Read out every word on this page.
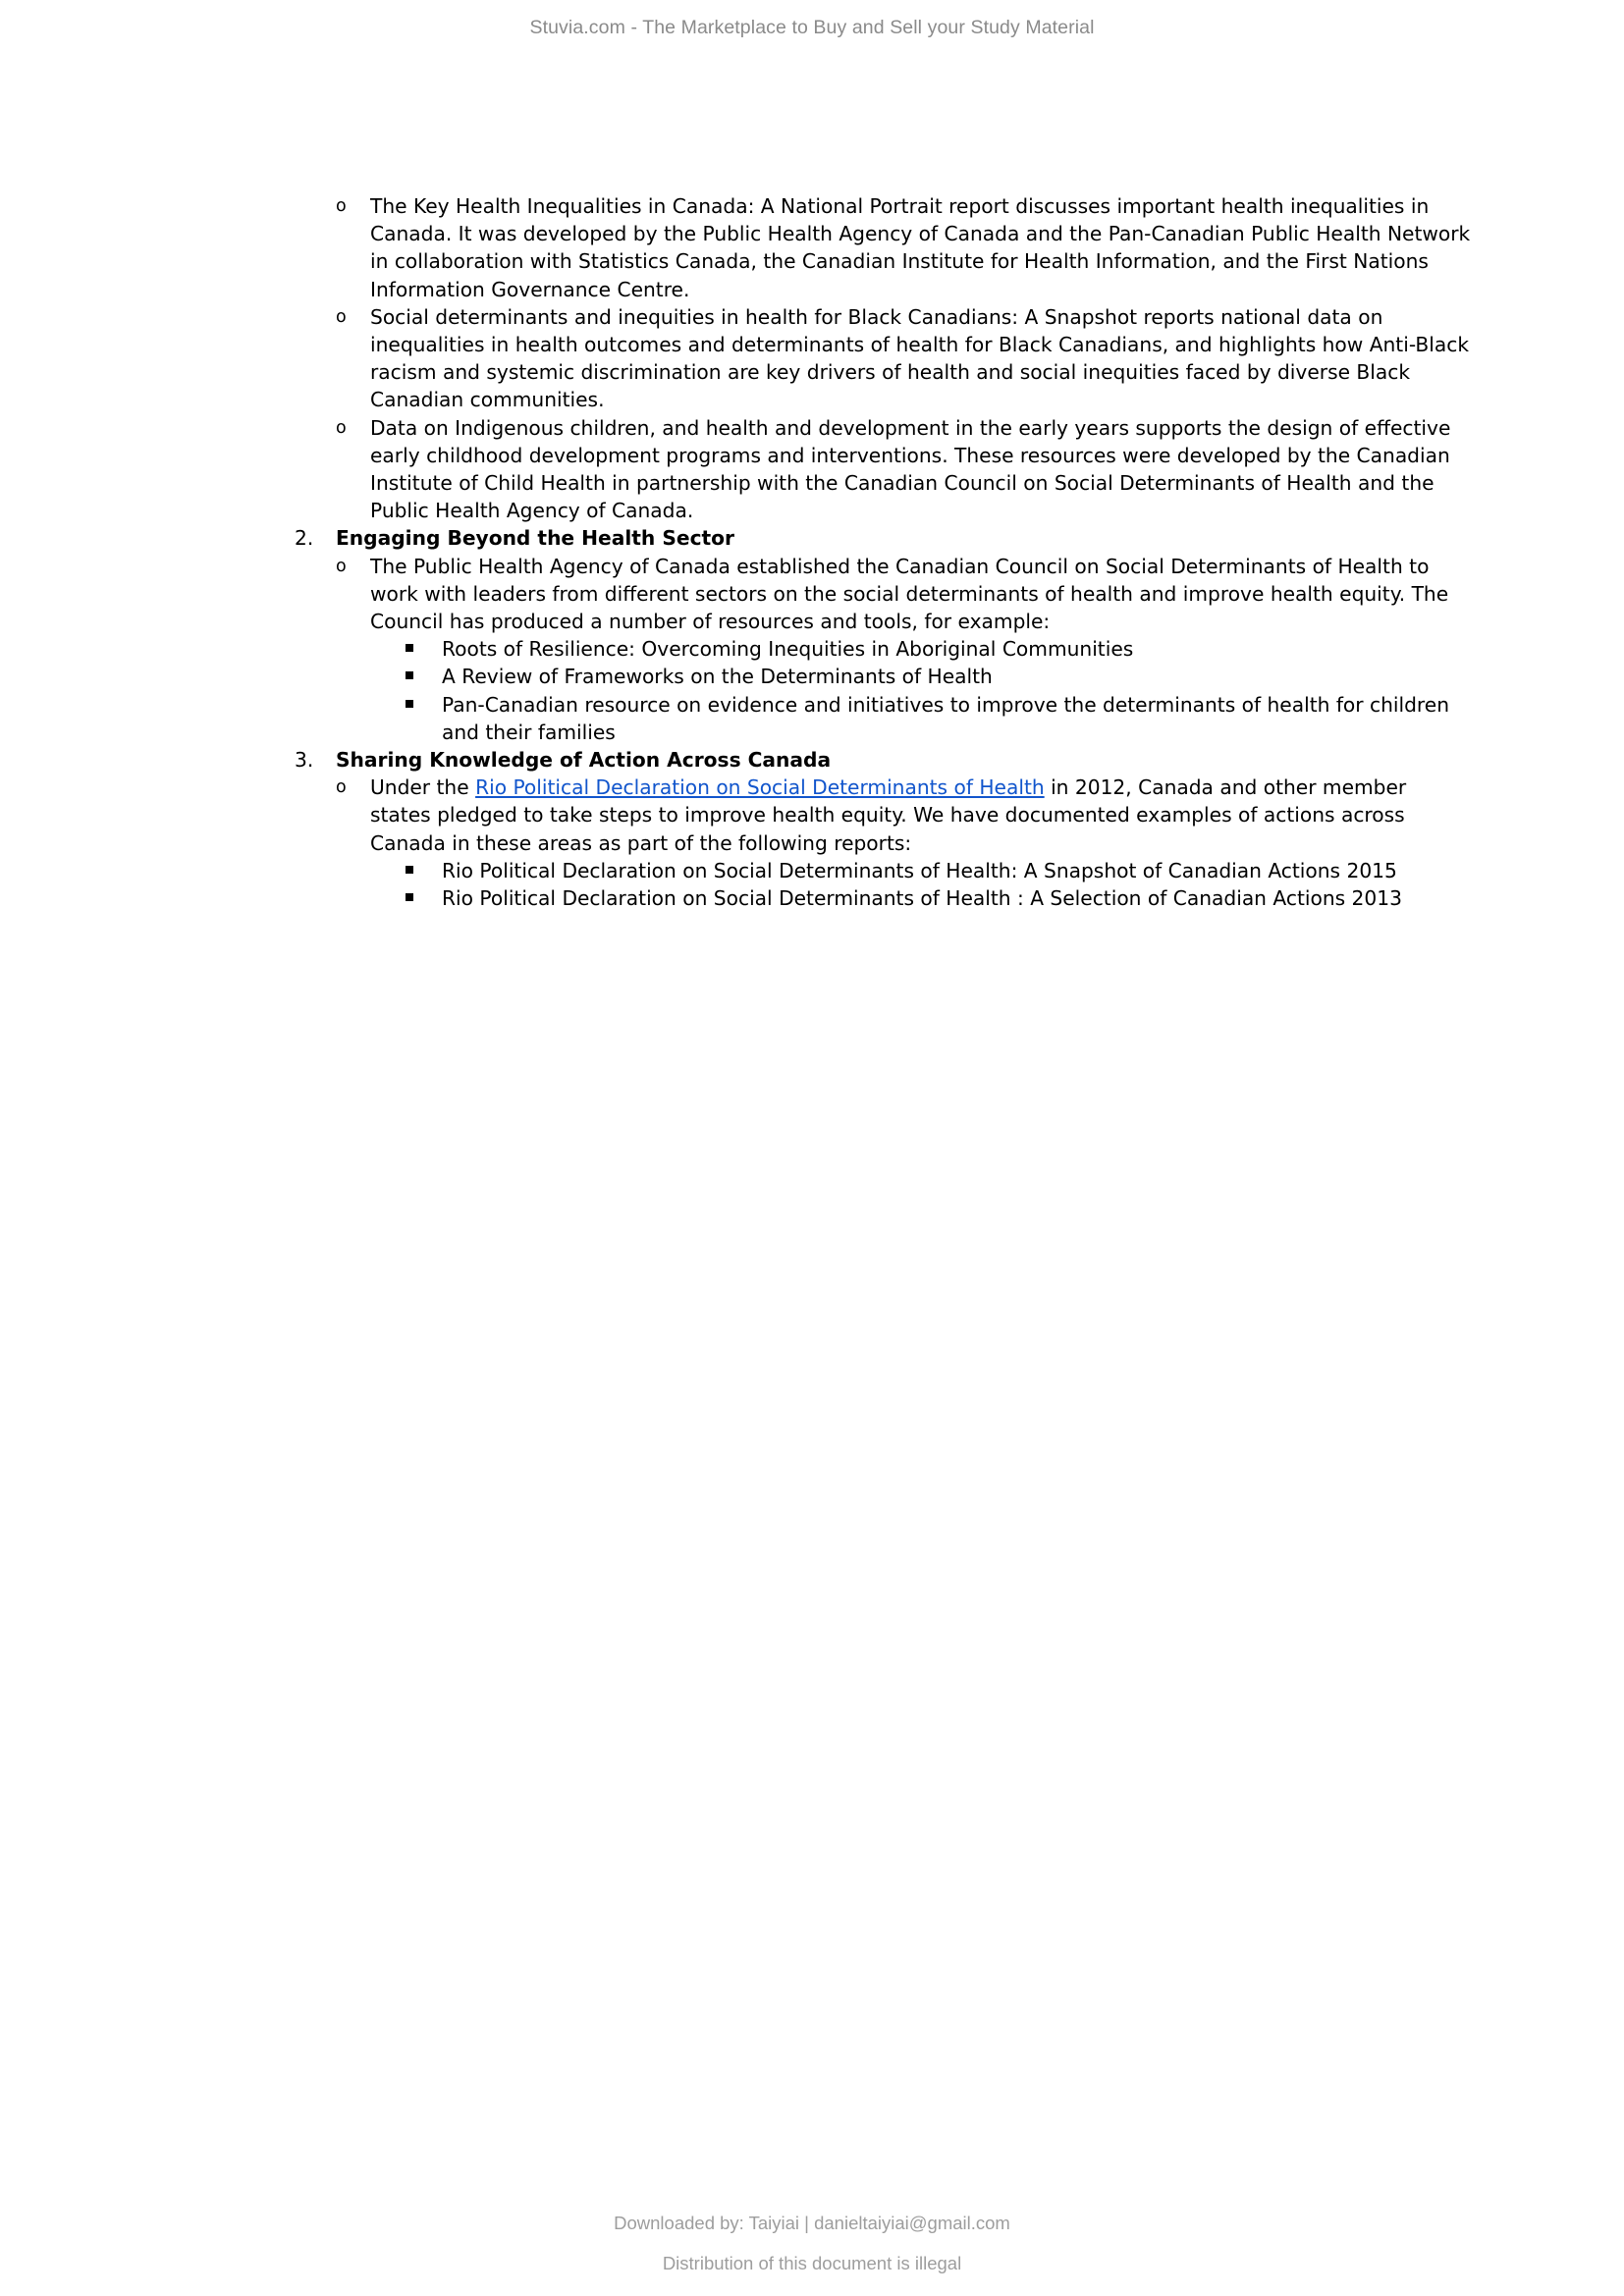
Stuvia.com - The Marketplace to Buy and Sell your Study Material
o	The Key Health Inequalities in Canada: A National Portrait report discusses important health inequalities in Canada. It was developed by the Public Health Agency of Canada and the Pan-Canadian Public Health Network in collaboration with Statistics Canada, the Canadian Institute for Health Information, and the First Nations Information Governance Centre.
o	Social determinants and inequities in health for Black Canadians: A Snapshot reports national data on inequalities in health outcomes and determinants of health for Black Canadians, and highlights how Anti-Black racism and systemic discrimination are key drivers of health and social inequities faced by diverse Black Canadian communities.
o	Data on Indigenous children, and health and development in the early years supports the design of effective early childhood development programs and interventions. These resources were developed by the Canadian Institute of Child Health in partnership with the Canadian Council on Social Determinants of Health and the Public Health Agency of Canada.
2.	Engaging Beyond the Health Sector
o	The Public Health Agency of Canada established the Canadian Council on Social Determinants of Health to work with leaders from different sectors on the social determinants of health and improve health equity. The Council has produced a number of resources and tools, for example:
Roots of Resilience: Overcoming Inequities in Aboriginal Communities
A Review of Frameworks on the Determinants of Health
Pan-Canadian resource on evidence and initiatives to improve the determinants of health for children and their families
3.	Sharing Knowledge of Action Across Canada
o	Under the Rio Political Declaration on Social Determinants of Health in 2012, Canada and other member states pledged to take steps to improve health equity. We have documented examples of actions across Canada in these areas as part of the following reports:
Rio Political Declaration on Social Determinants of Health: A Snapshot of Canadian Actions 2015
Rio Political Declaration on Social Determinants of Health : A Selection of Canadian Actions 2013
Downloaded by: Taiyiai | danieltaiyiai@gmail.com
Distribution of this document is illegal
